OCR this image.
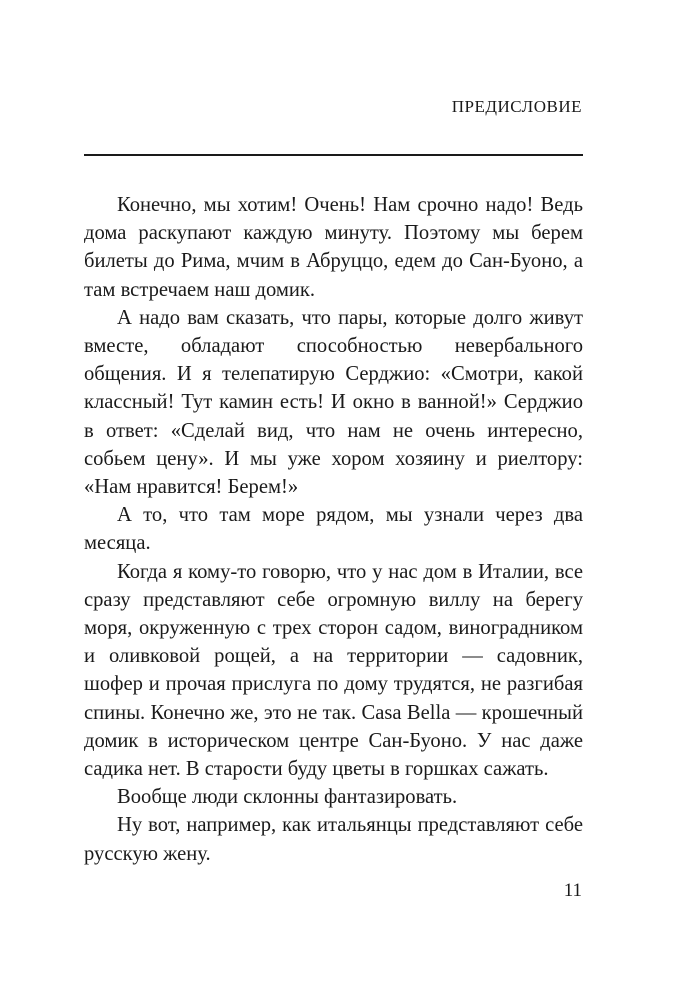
ПРЕДИСЛОВИЕ

Конечно, мы хотим! Очень! Нам срочно надо! Ведь дома раскупают каждую минуту. Поэтому мы берем билеты до Рима, мчим в Абруццо, едем до Сан-Буоно, а там встречаем наш домик.

А надо вам сказать, что пары, которые долго живут вместе, обладают способностью невербального общения. И я телепатирую Серджио: «Смотри, какой классный! Тут камин есть! И окно в ванной!» Серджио в ответ: «Сделай вид, что нам не очень интересно, собьем цену». И мы уже хором хозяину и риелтору: «Нам нравится! Берем!»

А то, что там море рядом, мы узнали через два месяца.

Когда я кому-то говорю, что у нас дом в Италии, все сразу представляют себе огромную виллу на берегу моря, окруженную с трех сторон садом, виноградником и оливковой рощей, а на территории — садовник, шофер и прочая прислуга по дому трудятся, не разгибая спины. Конечно же, это не так. Casa Bella — крошечный домик в историческом центре Сан-Буоно. У нас даже садика нет. В старости буду цветы в горшках сажать.

Вообще люди склонны фантазировать.

Ну вот, например, как итальянцы представляют себе русскую жену.

11
